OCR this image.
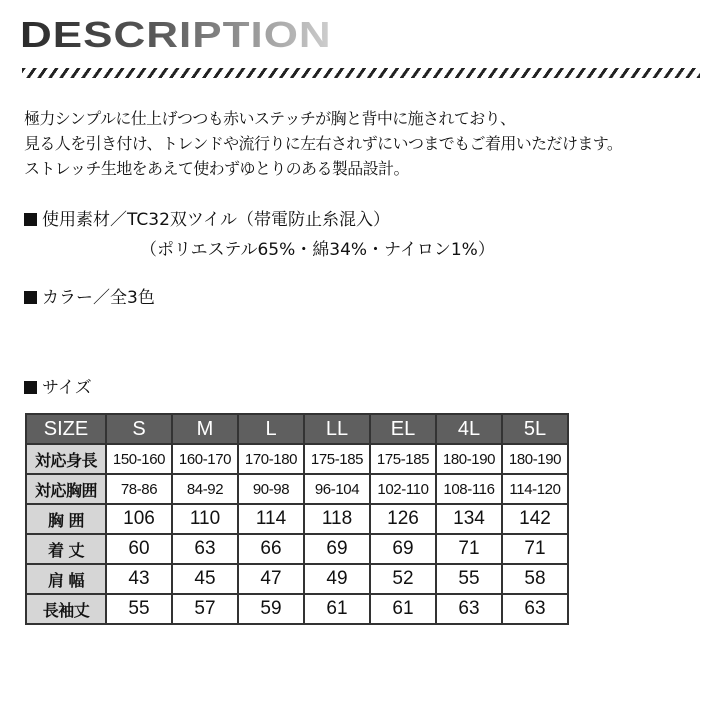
DESCRIPTION
極力シンプルに仕上げつつも赤いステッチが胸と背中に施されており、
見る人を引き付け、トレンドや流行りに左右されずにいつまでもご着用いただけます。
ストレッチ生地をあえて使わずゆとりのある製品設計。
使用素材／TC32双ツイル（帯電防止糸混入）
（ポリエステル65%・綿34%・ナイロン1%）
カラー／全3色
サイズ
SIZE	S	M	L	LL	EL	4L	5L
対応身長	150-160	160-170	170-180	175-185	175-185	180-190	180-190
対応胸囲	78-86	84-92	90-98	96-104	102-110	108-116	114-120
胸 囲	106	110	114	118	126	134	142
着 丈	60	63	66	69	69	71	71
肩 幅	43	45	47	49	52	55	58
長袖丈	55	57	59	61	61	63	63
